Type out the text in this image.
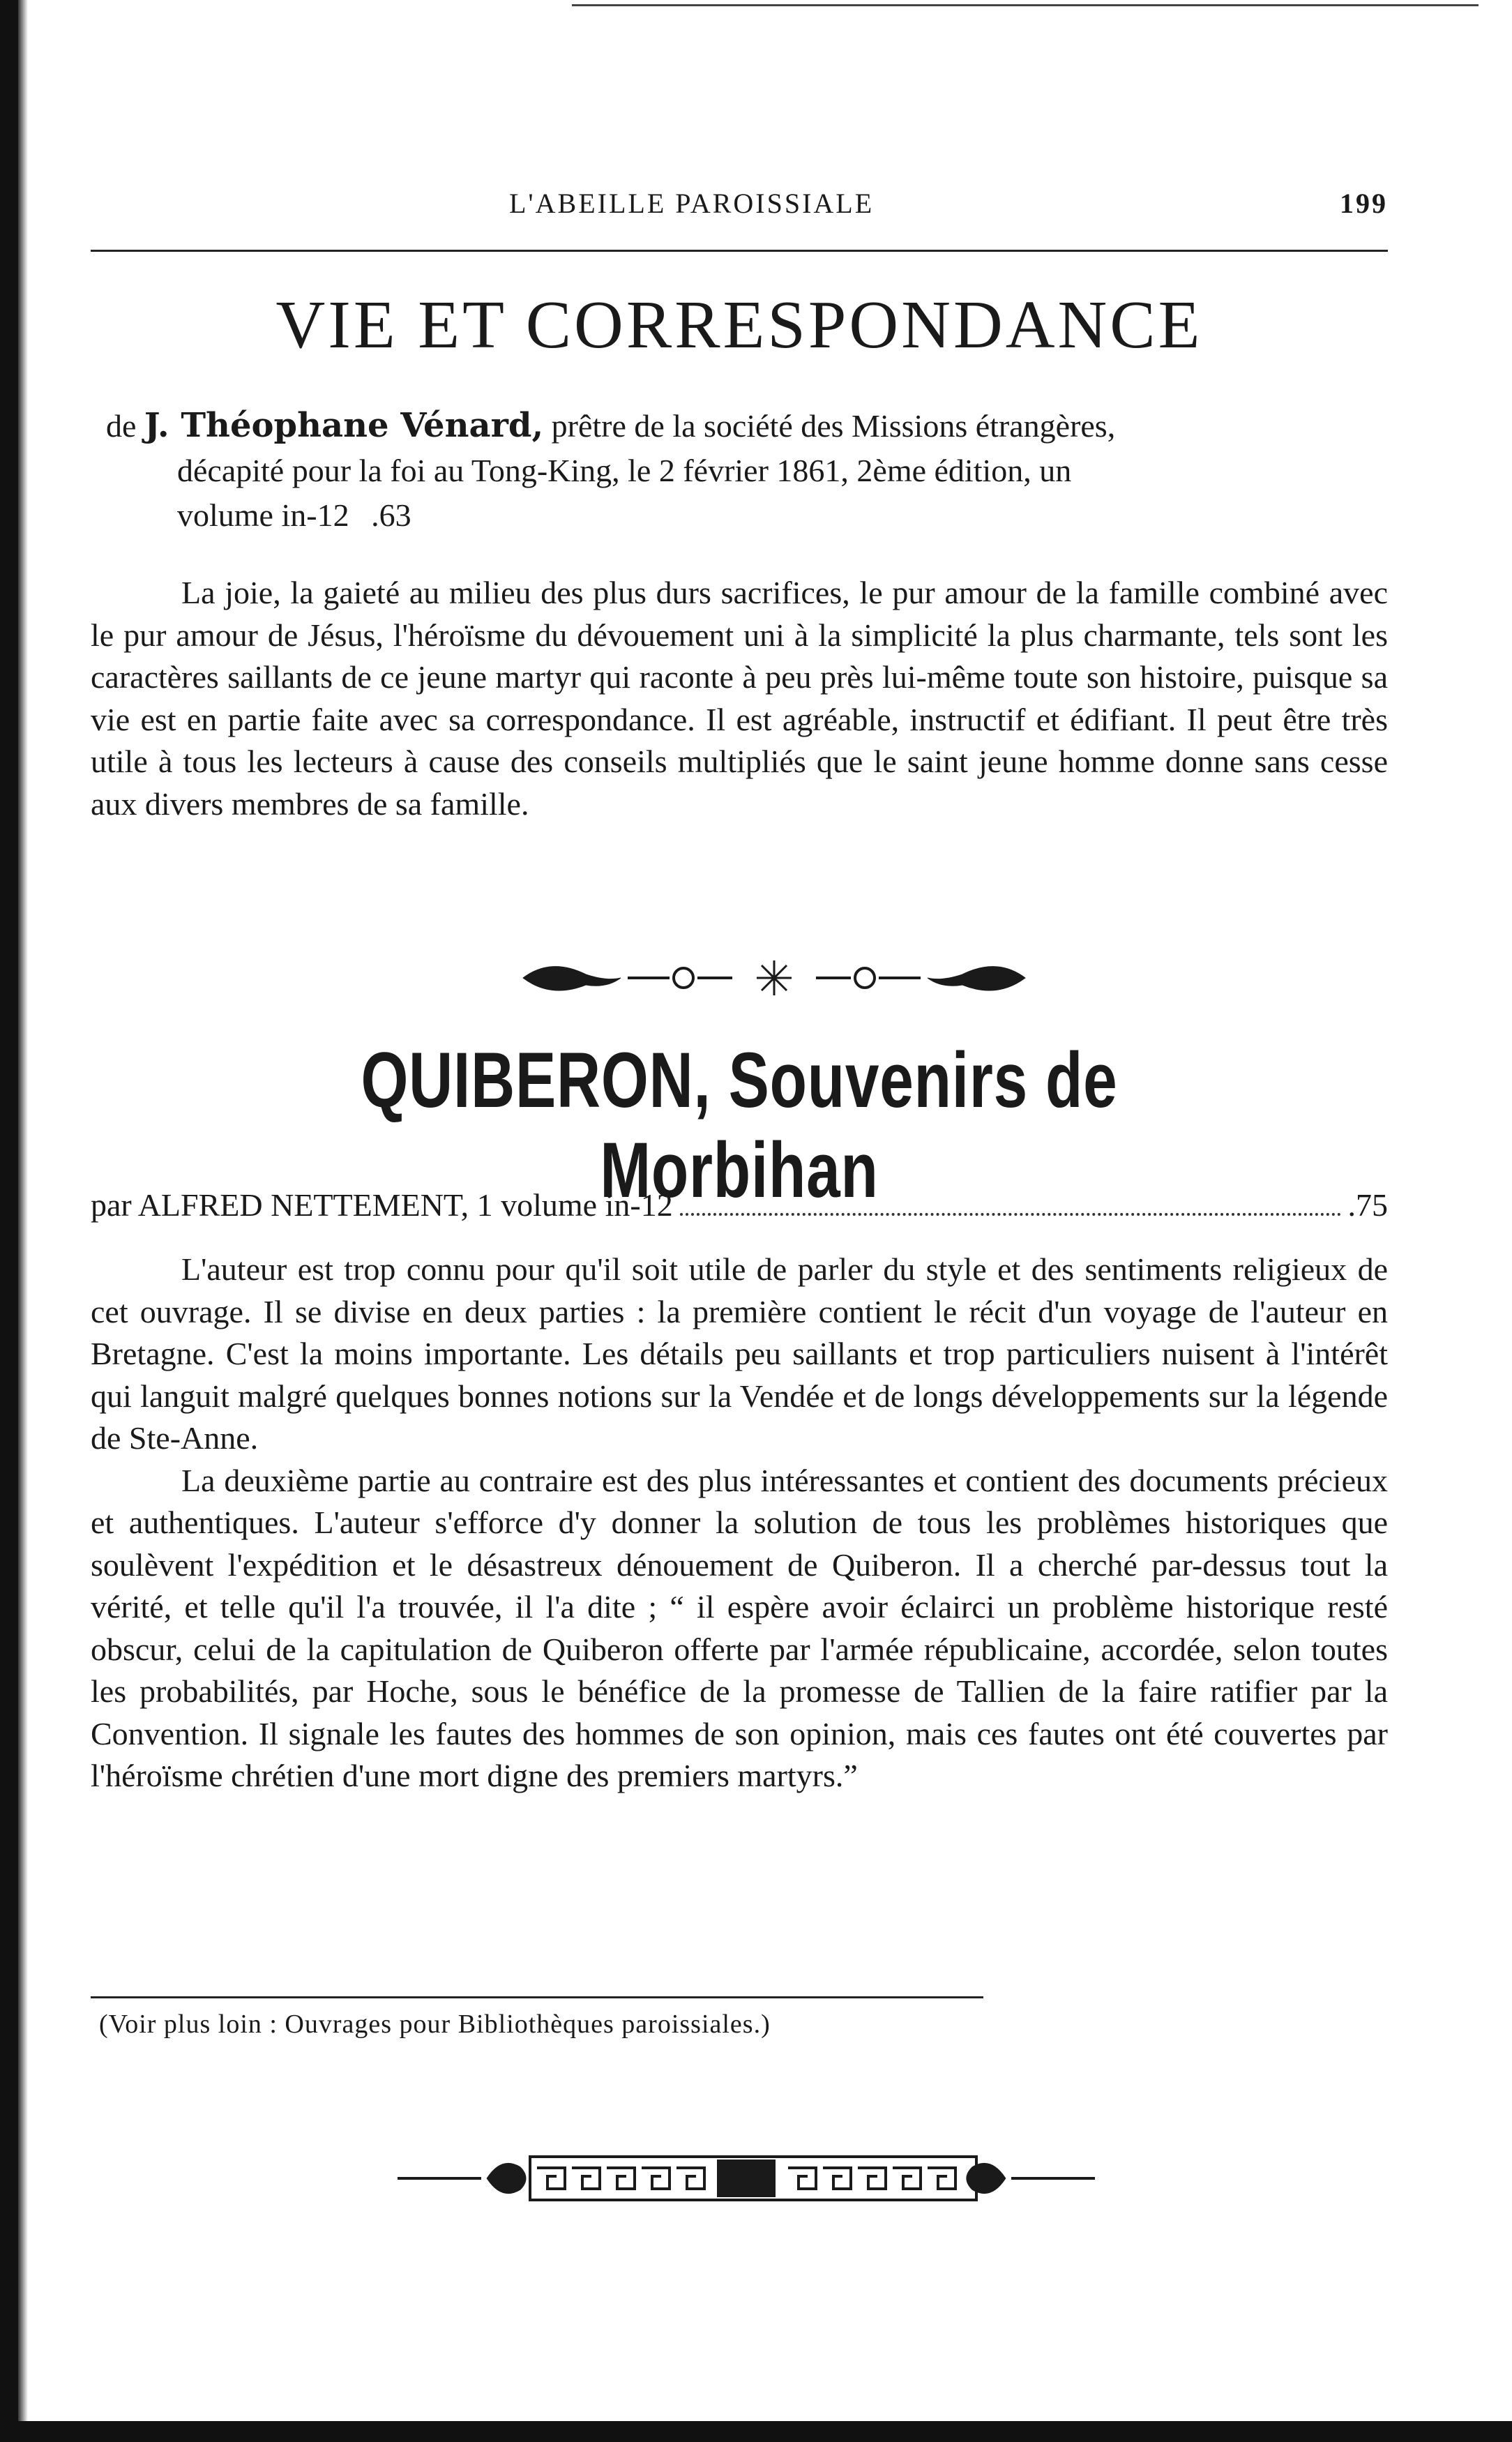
L'ABEILLE PAROISSIALE	199
VIE ET CORRESPONDANCE
de J. Théophane Vénard, prêtre de la société des Missions étrangères,
décapité pour la foi au Tong-King, le 2 février 1861, 2ème édition, un
volume in-12 .63

La joie, la gaieté au milieu des plus durs sacrifices, le pur amour de la famille combiné avec le pur amour de Jésus, l'héroïsme du dévouement uni à la simplicité la plus charmante, tels sont les caractères saillants de ce jeune martyr qui raconte à peu près lui-même toute son histoire, puisque sa vie est en partie faite avec sa correspondance. Il est agréable, instructif et édifiant. Il peut être très utile à tous les lecteurs à cause des conseils multipliés que le saint jeune homme donne sans cesse aux divers membres de sa famille.

QUIBERON, Souvenirs de Morbihan
par ALFRED NETTEMENT, 1 volume in-12	.75

L'auteur est trop connu pour qu'il soit utile de parler du style et des sentiments religieux de cet ouvrage. Il se divise en deux parties : la première contient le récit d'un voyage de l'auteur en Bretagne. C'est la moins importante. Les détails peu saillants et trop particuliers nuisent à l'intérêt qui languit malgré quelques bonnes notions sur la Vendée et de longs développements sur la légende de Ste-Anne.

La deuxième partie au contraire est des plus intéressantes et contient des documents précieux et authentiques. L'auteur s'efforce d'y donner la solution de tous les problèmes historiques que soulèvent l'expédition et le désastreux dénouement de Quiberon. Il a cherché par-dessus tout la vérité, et telle qu'il l'a trouvée, il l'a dite ; “ il espère avoir éclairci un problème historique resté obscur, celui de la capitulation de Quiberon offerte par l'armée républicaine, accordée, selon toutes les probabilités, par Hoche, sous le bénéfice de la promesse de Tallien de la faire ratifier par la Convention. Il signale les fautes des hommes de son opinion, mais ces fautes ont été couvertes par l'héroïsme chrétien d'une mort digne des premiers martyrs.”

(Voir plus loin : Ouvrages pour Bibliothèques paroissiales.)
